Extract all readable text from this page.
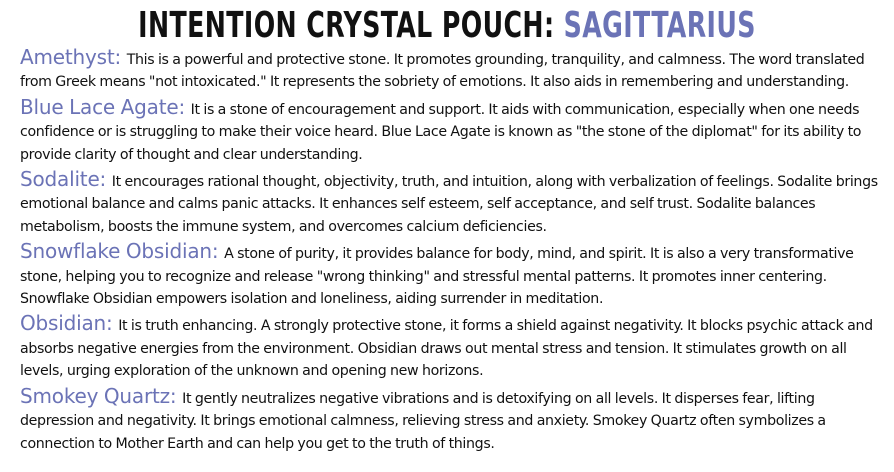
INTENTION CRYSTAL POUCH: SAGITTARIUS

Amethyst: This is a powerful and protective stone. It promotes grounding, tranquility, and calmness. The word translated from Greek means "not intoxicated." It represents the sobriety of emotions. It also aids in remembering and understanding.

Blue Lace Agate: It is a stone of encouragement and support. It aids with communication, especially when one needs confidence or is struggling to make their voice heard. Blue Lace Agate is known as "the stone of the diplomat" for its ability to provide clarity of thought and clear understanding.

Sodalite: It encourages rational thought, objectivity, truth, and intuition, along with verbalization of feelings. Sodalite brings emotional balance and calms panic attacks. It enhances self esteem, self acceptance, and self trust. Sodalite balances metabolism, boosts the immune system, and overcomes calcium deficiencies.

Snowflake Obsidian: A stone of purity, it provides balance for body, mind, and spirit. It is also a very transformative stone, helping you to recognize and release "wrong thinking" and stressful mental patterns. It promotes inner centering. Snowflake Obsidian empowers isolation and loneliness, aiding surrender in meditation.

Obsidian: It is truth enhancing. A strongly protective stone, it forms a shield against negativity. It blocks psychic attack and absorbs negative energies from the environment. Obsidian draws out mental stress and tension. It stimulates growth on all levels, urging exploration of the unknown and opening new horizons.

Smokey Quartz: It gently neutralizes negative vibrations and is detoxifying on all levels. It disperses fear, lifting depression and negativity. It brings emotional calmness, relieving stress and anxiety. Smokey Quartz often symbolizes a connection to Mother Earth and can help you get to the truth of things.
